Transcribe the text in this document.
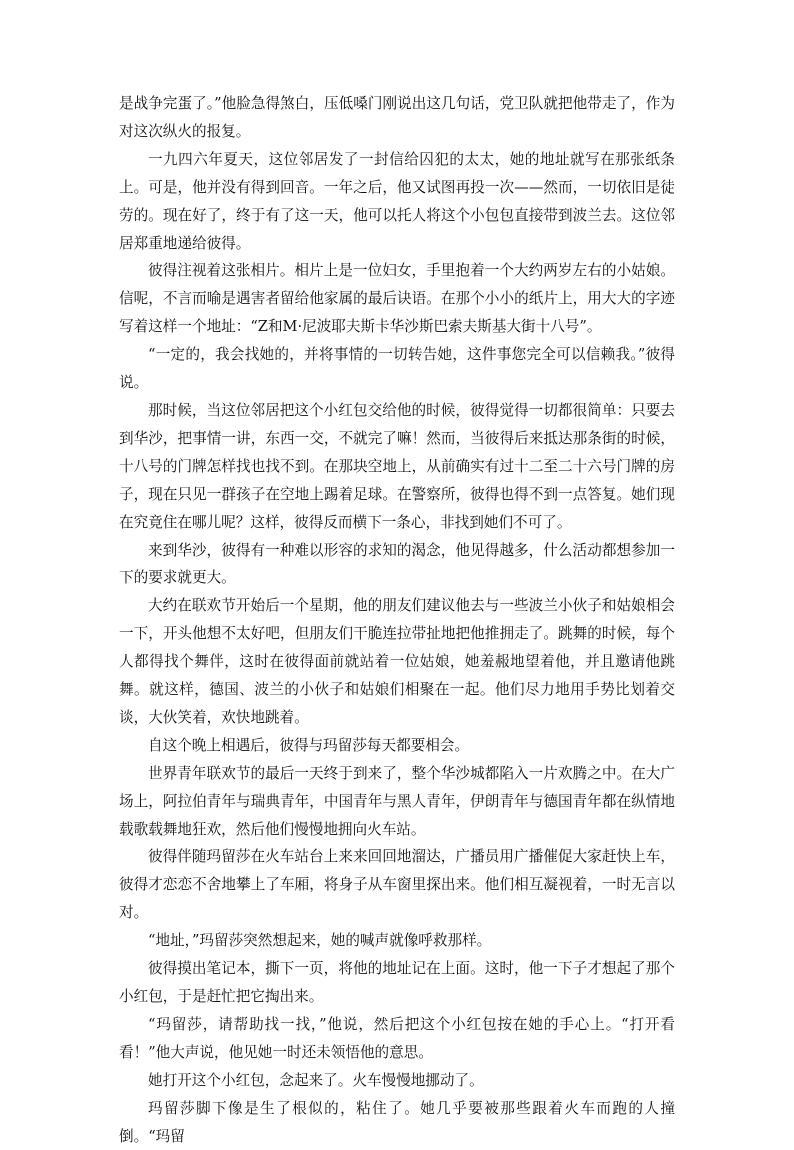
是战争完蛋了。”他脸急得煞白，压低嗓门刚说出这几句话，党卫队就把他带走了，作为对这次纵火的报复。

一九四六年夏天，这位邻居发了一封信给囚犯的太太，她的地址就写在那张纸条上。可是，他并没有得到回音。一年之后，他又试图再投一次——然而，一切依旧是徒劳的。现在好了，终于有了这一天，他可以托人将这个小包包直接带到波兰去。这位邻居郑重地递给彼得。

彼得注视着这张相片。相片上是一位妇女，手里抱着一个大约两岁左右的小姑娘。信呢，不言而喻是遇害者留给他家属的最后诀语。在那个小小的纸片上，用大大的字迹写着这样一个地址：“Z和M·尼波耶夫斯卡华沙斯巴索夫斯基大街十八号”。

“一定的，我会找她的，并将事情的一切转告她，这件事您完全可以信赖我。”彼得说。

那时候，当这位邻居把这个小红包交给他的时候，彼得觉得一切都很简单：只要去到华沙，把事情一讲，东西一交，不就完了嘛！然而，当彼得后来抵达那条街的时候，十八号的门牌怎样找也找不到。在那块空地上，从前确实有过十二至二十六号门牌的房子，现在只见一群孩子在空地上踢着足球。在警察所，彼得也得不到一点答复。她们现在究竟住在哪儿呢？这样，彼得反而横下一条心，非找到她们不可了。

来到华沙，彼得有一种难以形容的求知的渴念，他见得越多，什么活动都想参加一下的要求就更大。

大约在联欢节开始后一个星期，他的朋友们建议他去与一些波兰小伙子和姑娘相会一下，开头他想不太好吧，但朋友们干脆连拉带扯地把他推拥走了。跳舞的时候，每个人都得找个舞伴，这时在彼得面前就站着一位姑娘，她羞赧地望着他，并且邀请他跳舞。就这样，德国、波兰的小伙子和姑娘们相聚在一起。他们尽力地用手势比划着交谈，大伙笑着，欢快地跳着。

自这个晚上相遇后，彼得与玛留莎每天都要相会。

世界青年联欢节的最后一天终于到来了，整个华沙城都陷入一片欢腾之中。在大广场上，阿拉伯青年与瑞典青年，中国青年与黑人青年，伊朗青年与德国青年都在纵情地载歌载舞地狂欢，然后他们慢慢地拥向火车站。

彼得伴随玛留莎在火车站台上来来回回地溜达，广播员用广播催促大家赶快上车，彼得才恋恋不舍地攀上了车厢，将身子从车窗里探出来。他们相互凝视着，一时无言以对。

“地址，”玛留莎突然想起来，她的喊声就像呼救那样。

彼得摸出笔记本，撕下一页，将他的地址记在上面。这时，他一下子才想起了那个小红包，于是赶忙把它掏出来。

“玛留莎，请帮助找一找，”他说，然后把这个小红包按在她的手心上。“打开看看！”他大声说，他见她一时还未领悟他的意思。

她打开这个小红包，念起来了。火车慢慢地挪动了。

玛留莎脚下像是生了根似的，粘住了。她几乎要被那些跟着火车而跑的人撞倒。“玛留
